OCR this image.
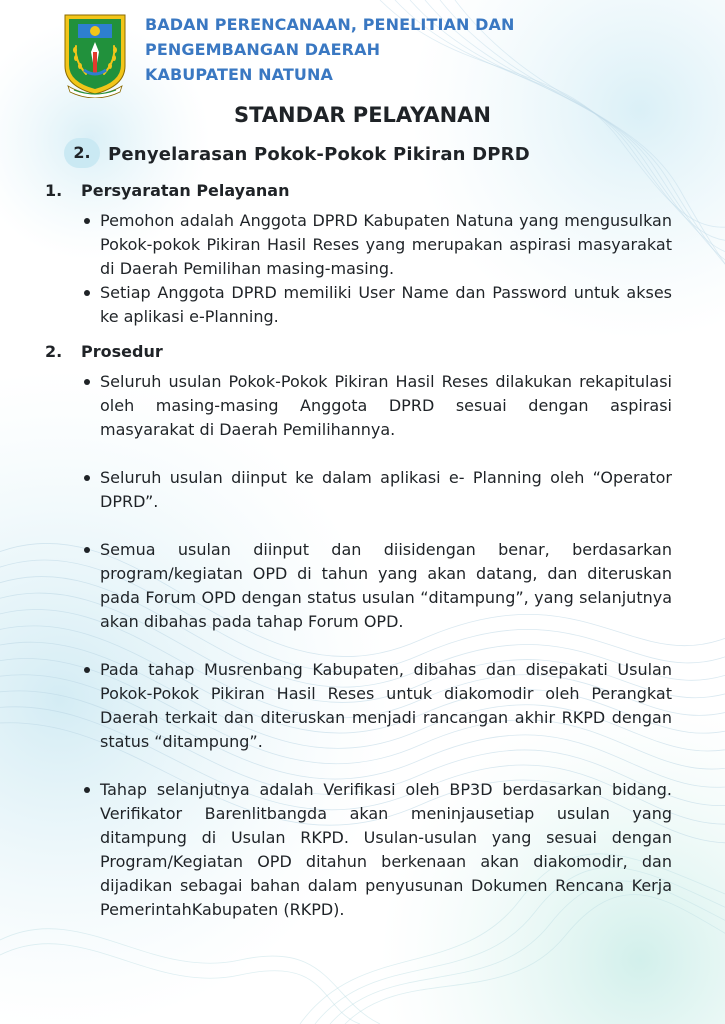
BADAN PERENCANAAN, PENELITIAN DAN
PENGEMBANGAN DAERAH
KABUPATEN NATUNA

STANDAR PELAYANAN
2. Penyelarasan Pokok-Pokok Pikiran DPRD
1. Persyaratan Pelayanan
Pemohon adalah Anggota DPRD Kabupaten Natuna yang mengusulkan Pokok-pokok Pikiran Hasil Reses yang merupakan aspirasi masyarakat di Daerah Pemilihan masing-masing.
Setiap Anggota DPRD memiliki User Name dan Password untuk akses ke aplikasi e-Planning.
2. Prosedur
Seluruh usulan Pokok-Pokok Pikiran Hasil Reses dilakukan rekapitulasi oleh masing-masing Anggota DPRD sesuai dengan aspirasi masyarakat di Daerah Pemilihannya.
Seluruh usulan diinput ke dalam aplikasi e- Planning oleh “Operator DPRD”.
Semua usulan diinput dan diisidengan benar, berdasarkan program/kegiatan OPD di tahun yang akan datang, dan diteruskan pada Forum OPD dengan status usulan “ditampung”, yang selanjutnya akan dibahas pada tahap Forum OPD.
Pada tahap Musrenbang Kabupaten, dibahas dan disepakati Usulan Pokok-Pokok Pikiran Hasil Reses untuk diakomodir oleh Perangkat Daerah terkait dan diteruskan menjadi rancangan akhir RKPD dengan status “ditampung”.
Tahap selanjutnya adalah Verifikasi oleh BP3D berdasarkan bidang. Verifikator Barenlitbangda akan meninjausetiap usulan yang ditampung di Usulan RKPD. Usulan-usulan yang sesuai dengan Program/Kegiatan OPD ditahun berkenaan akan diakomodir, dan dijadikan sebagai bahan dalam penyusunan Dokumen Rencana Kerja PemerintahKabupaten (RKPD).
